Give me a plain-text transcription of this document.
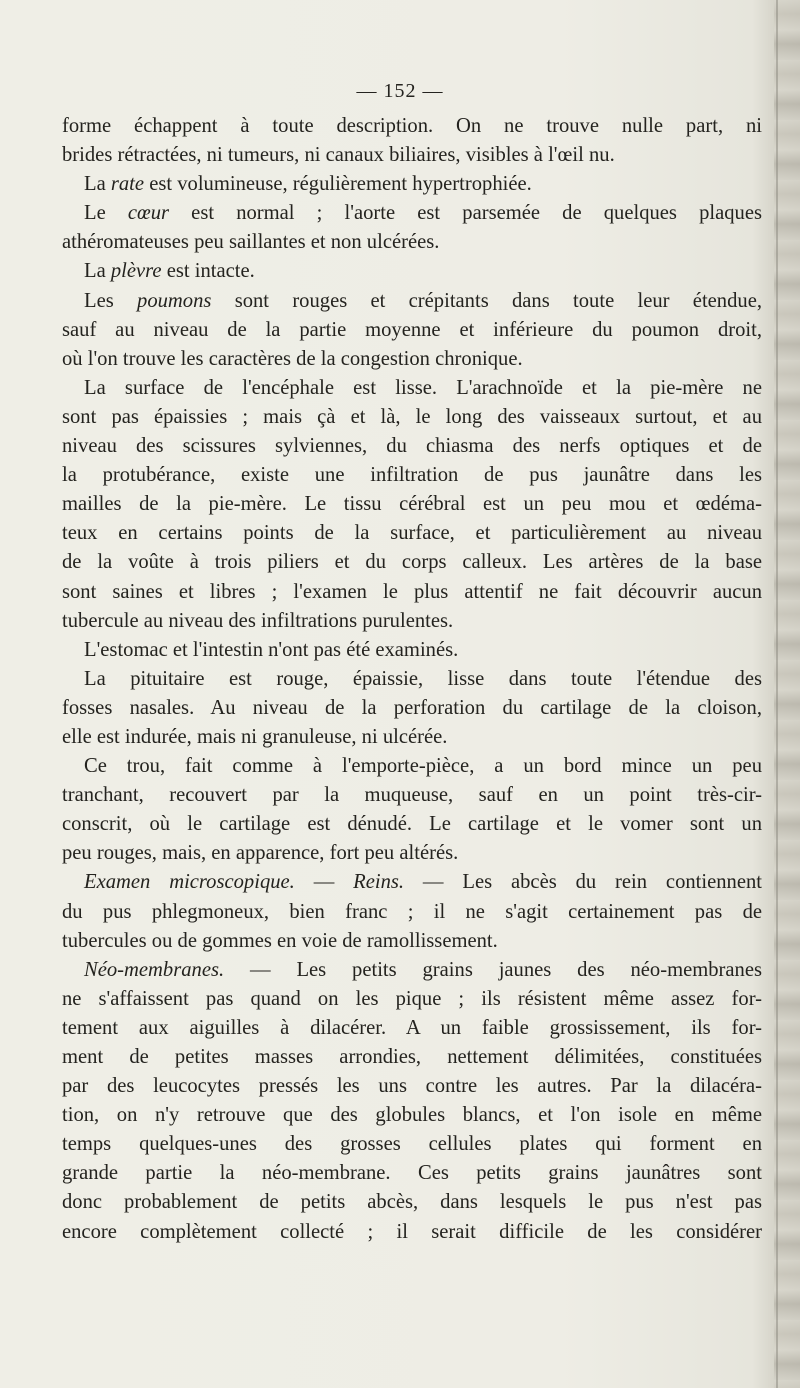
— 152 —
forme échappent à toute description. On ne trouve nulle part, ni
brides rétractées, ni tumeurs, ni canaux biliaires, visibles à l'œil nu.
La rate est volumineuse, régulièrement hypertrophiée.
Le cœur est normal ; l'aorte est parsemée de quelques plaques
athéromateuses peu saillantes et non ulcérées.
La plèvre est intacte.
Les poumons sont rouges et crépitants dans toute leur étendue,
sauf au niveau de la partie moyenne et inférieure du poumon droit,
où l'on trouve les caractères de la congestion chronique.
La surface de l'encéphale est lisse. L'arachnoïde et la pie-mère ne
sont pas épaissies ; mais çà et là, le long des vaisseaux surtout, et au
niveau des scissures sylviennes, du chiasma des nerfs optiques et de
la protubérance, existe une infiltration de pus jaunâtre dans les
mailles de la pie-mère. Le tissu cérébral est un peu mou et œdéma-
teux en certains points de la surface, et particulièrement au niveau
de la voûte à trois piliers et du corps calleux. Les artères de la base
sont saines et libres ; l'examen le plus attentif ne fait découvrir aucun
tubercule au niveau des infiltrations purulentes.
L'estomac et l'intestin n'ont pas été examinés.
La pituitaire est rouge, épaissie, lisse dans toute l'étendue des
fosses nasales. Au niveau de la perforation du cartilage de la cloison,
elle est indurée, mais ni granuleuse, ni ulcérée.
Ce trou, fait comme à l'emporte-pièce, a un bord mince un peu
tranchant, recouvert par la muqueuse, sauf en un point très-cir-
conscrit, où le cartilage est dénudé. Le cartilage et le vomer sont un
peu rouges, mais, en apparence, fort peu altérés.
Examen microscopique. — Reins. — Les abcès du rein contiennent
du pus phlegmoneux, bien franc ; il ne s'agit certainement pas de
tubercules ou de gommes en voie de ramollissement.
Néo-membranes. — Les petits grains jaunes des néo-membranes
ne s'affaissent pas quand on les pique ; ils résistent même assez for-
tement aux aiguilles à dilacérer. A un faible grossissement, ils for-
ment de petites masses arrondies, nettement délimitées, constituées
par des leucocytes pressés les uns contre les autres. Par la dilacéra-
tion, on n'y retrouve que des globules blancs, et l'on isole en même
temps quelques-unes des grosses cellules plates qui forment en
grande partie la néo-membrane. Ces petits grains jaunâtres sont
donc probablement de petits abcès, dans lesquels le pus n'est pas
encore complètement collecté ; il serait difficile de les considérer
